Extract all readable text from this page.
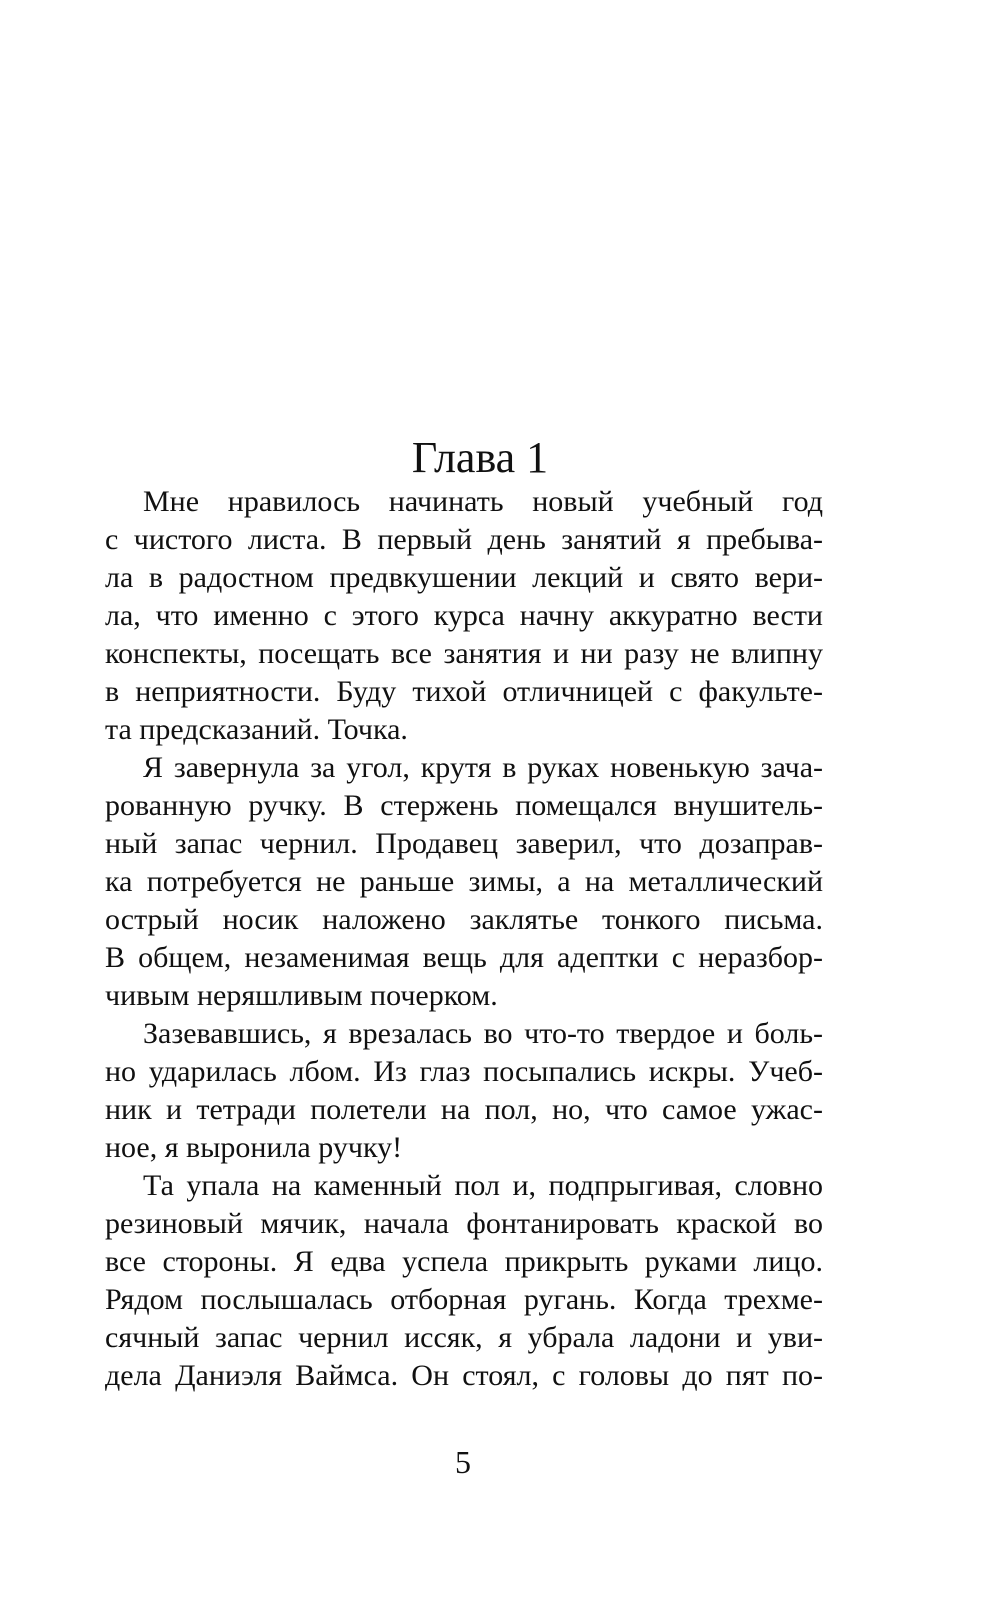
Глава 1
Мне нравилось начинать новый учебный год
с чистого листа. В первый день занятий я пребыва-
ла в радостном предвкушении лекций и свято вери-
ла, что именно с этого курса начну аккуратно вести
конспекты, посещать все занятия и ни разу не влипну
в неприятности. Буду тихой отличницей с факульте-
та предсказаний. Точка.
Я завернула за угол, крутя в руках новенькую зача-
рованную ручку. В стержень помещался внушитель-
ный запас чернил. Продавец заверил, что дозаправ-
ка потребуется не раньше зимы, а на металлический
острый носик наложено заклятье тонкого письма.
В общем, незаменимая вещь для адептки с неразбор-
чивым неряшливым почерком.
Зазевавшись, я врезалась во что-то твердое и боль-
но ударилась лбом. Из глаз посыпались искры. Учеб-
ник и тетради полетели на пол, но, что самое ужас-
ное, я выронила ручку!
Та упала на каменный пол и, подпрыгивая, словно
резиновый мячик, начала фонтанировать краской во
все стороны. Я едва успела прикрыть руками лицо.
Рядом послышалась отборная ругань. Когда трехме-
сячный запас чернил иссяк, я убрала ладони и уви-
дела Даниэля Ваймса. Он стоял, с головы до пят по-
5
